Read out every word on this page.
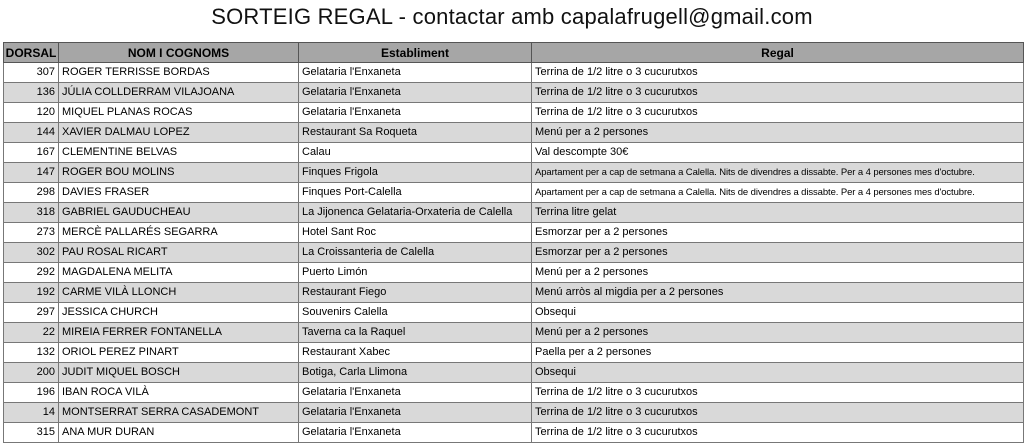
SORTEIG REGAL - contactar amb capalafrugell@gmail.com
DORSAL	NOM I COGNOMS	Establiment	Regal
307	ROGER TERRISSE BORDAS	Gelataria l'Enxaneta	Terrina de 1/2 litre o 3 cucurutxos
136	JÚLIA COLLDERRAM VILAJOANA	Gelataria l'Enxaneta	Terrina de 1/2 litre o 3 cucurutxos
120	MIQUEL PLANAS ROCAS	Gelataria l'Enxaneta	Terrina de 1/2 litre o 3 cucurutxos
144	XAVIER DALMAU LOPEZ	Restaurant Sa Roqueta	Menú per a 2 persones
167	CLEMENTINE BELVAS	Calau	Val descompte 30€
147	ROGER BOU MOLINS	Finques Frigola	Apartament per a cap de setmana a Calella. Nits de divendres a dissabte. Per a 4 persones mes d'octubre.
298	DAVIES FRASER	Finques Port-Calella	Apartament per a cap de setmana a Calella. Nits de divendres a dissabte. Per a 4 persones mes d'octubre.
318	GABRIEL GAUDUCHEAU	La Jijonenca Gelataria-Orxateria de Calella	Terrina litre gelat
273	MERCÈ PALLARÉS SEGARRA	Hotel Sant Roc	Esmorzar per a 2 persones
302	PAU ROSAL RICART	La Croissanteria de Calella	Esmorzar per a 2 persones
292	MAGDALENA MELITA	Puerto Limón	Menú per a 2 persones
192	CARME VILÀ LLONCH	Restaurant Fiego	Menú arròs al migdia per a 2 persones
297	JESSICA CHURCH	Souvenirs Calella	Obsequi
22	MIREIA FERRER FONTANELLA	Taverna ca la Raquel	Menú per a 2 persones
132	ORIOL PEREZ PINART	Restaurant Xabec	Paella per a 2 persones
200	JUDIT MIQUEL BOSCH	Botiga, Carla Llimona	Obsequi
196	IBAN ROCA VILÀ	Gelataria l'Enxaneta	Terrina de 1/2 litre o 3 cucurutxos
14	MONTSERRAT SERRA CASADEMONT	Gelataria l'Enxaneta	Terrina de 1/2 litre o 3 cucurutxos
315	ANA MUR DURAN	Gelataria l'Enxaneta	Terrina de 1/2 litre o 3 cucurutxos
